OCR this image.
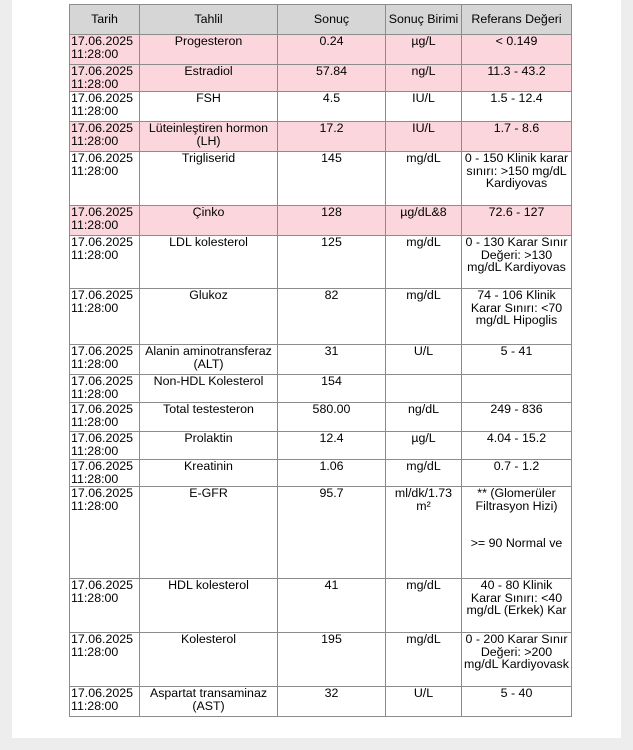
Tarih	Tahlil	Sonuç	Sonuç Birimi	Referans Değeri
17.06.2025 11:28:00	Progesteron	0.24	µg/L	< 0.149
17.06.2025 11:28:00	Estradiol	57.84	ng/L	11.3 - 43.2
17.06.2025 11:28:00	FSH	4.5	IU/L	1.5 - 12.4
17.06.2025 11:28:00	Lüteinleştiren hormon (LH)	17.2	IU/L	1.7 - 8.6
17.06.2025 11:28:00	Trigliserid	145	mg/dL	0 - 150 Klinik karar sınırı: >150 mg/dL Kardiyovas
17.06.2025 11:28:00	Çinko	128	µg/dL&8	72.6 - 127
17.06.2025 11:28:00	LDL kolesterol	125	mg/dL	0 - 130 Karar Sınır Değeri: >130 mg/dL Kardiyovas
17.06.2025 11:28:00	Glukoz	82	mg/dL	74 - 106 Klinik Karar Sınırı: <70 mg/dL Hipoglis
17.06.2025 11:28:00	Alanin aminotransferaz (ALT)	31	U/L	5 - 41
17.06.2025 11:28:00	Non-HDL Kolesterol	154		
17.06.2025 11:28:00	Total testesteron	580.00	ng/dL	249 - 836
17.06.2025 11:28:00	Prolaktin	12.4	µg/L	4.04 - 15.2
17.06.2025 11:28:00	Kreatinin	1.06	mg/dL	0.7 - 1.2
17.06.2025 11:28:00	E-GFR	95.7	ml/dk/1.73 m²	** (Glomerüler Filtrasyon Hizi)

>= 90 Normal ve
17.06.2025 11:28:00	HDL kolesterol	41	mg/dL	40 - 80 Klinik Karar Sınırı: <40 mg/dL (Erkek) Kar
17.06.2025 11:28:00	Kolesterol	195	mg/dL	0 - 200 Karar Sınır Değeri: >200 mg/dL Kardiyovask
17.06.2025 11:28:00	Aspartat transaminaz (AST)	32	U/L	5 - 40
